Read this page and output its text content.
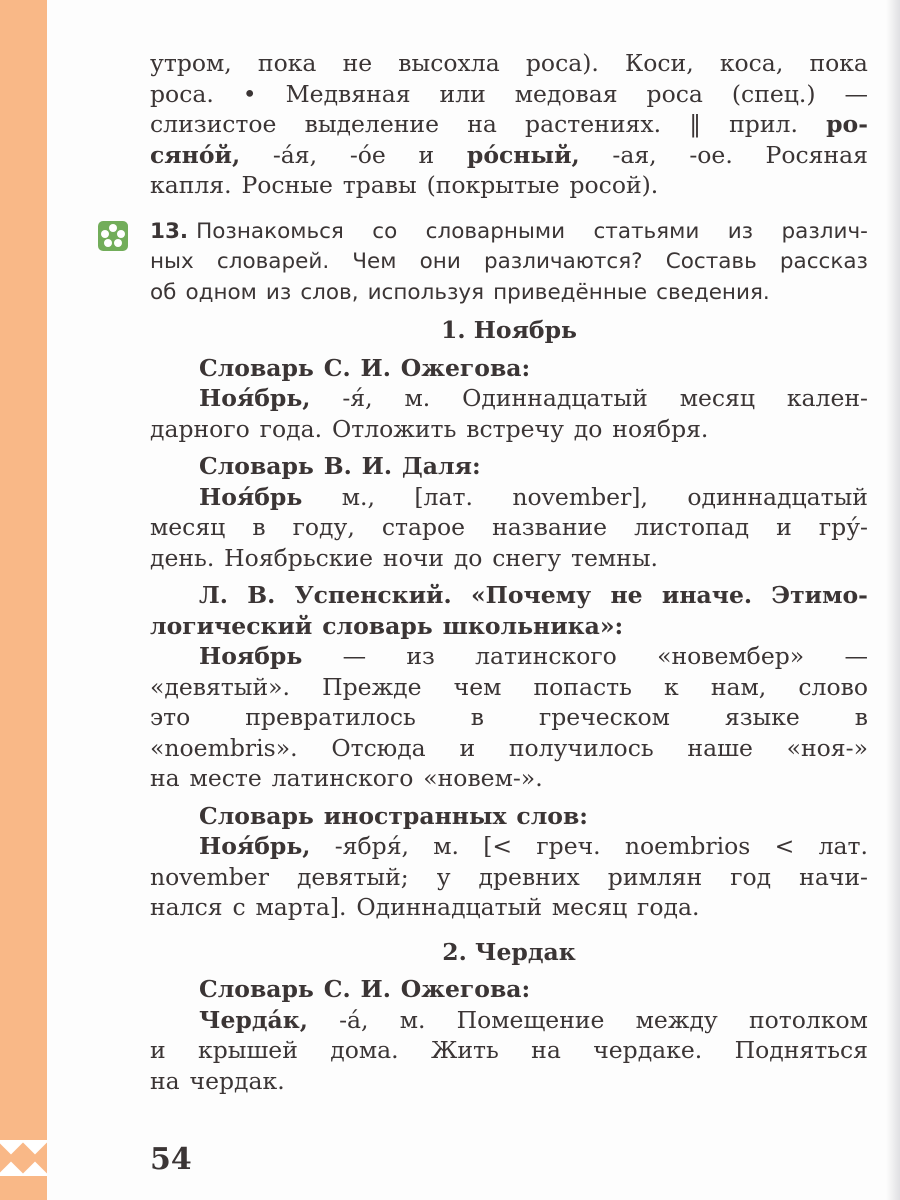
утром, пока не высохла роса). Коси, коса, пока
роса. • Медвяная или медовая роса (спец.) —
слизистое выделение на растениях. ‖ прил. ро-
сяно́й, -а́я, -о́е и ро́сный, -ая, -ое. Росяная
капля. Росные травы (покрытые росой).
13. Познакомься со словарными статьями из различ-
ных словарей. Чем они различаются? Составь рассказ
об одном из слов, используя приведённые сведения.
1. Ноябрь
Словарь С. И. Ожегова:
Ноя́брь, -я́, м. Одиннадцатый месяц кален-
дарного года. Отложить встречу до ноября.
Словарь В. И. Даля:
Ноя́брь м., [лат. november], одиннадцатый
месяц в году, старое название листопад и гру́-
день. Ноябрьские ночи до снегу темны.
Л. В. Успенский. «Почему не иначе. Этимо-
логический словарь школьника»:
Ноябрь — из латинского «новембер» —
«девятый». Прежде чем попасть к нам, слово
это превратилось в греческом языке в
«noembris». Отсюда и получилось наше «ноя-»
на месте латинского «новем-».
Словарь иностранных слов:
Ноя́брь, -ября́, м. [< греч. noembrios < лат.
november девятый; у древних римлян год начи-
нался с марта]. Одиннадцатый месяц года.
2. Чердак
Словарь С. И. Ожегова:
Черда́к, -а́, м. Помещение между потолком
и крышей дома. Жить на чердаке. Подняться
на чердак.
54
